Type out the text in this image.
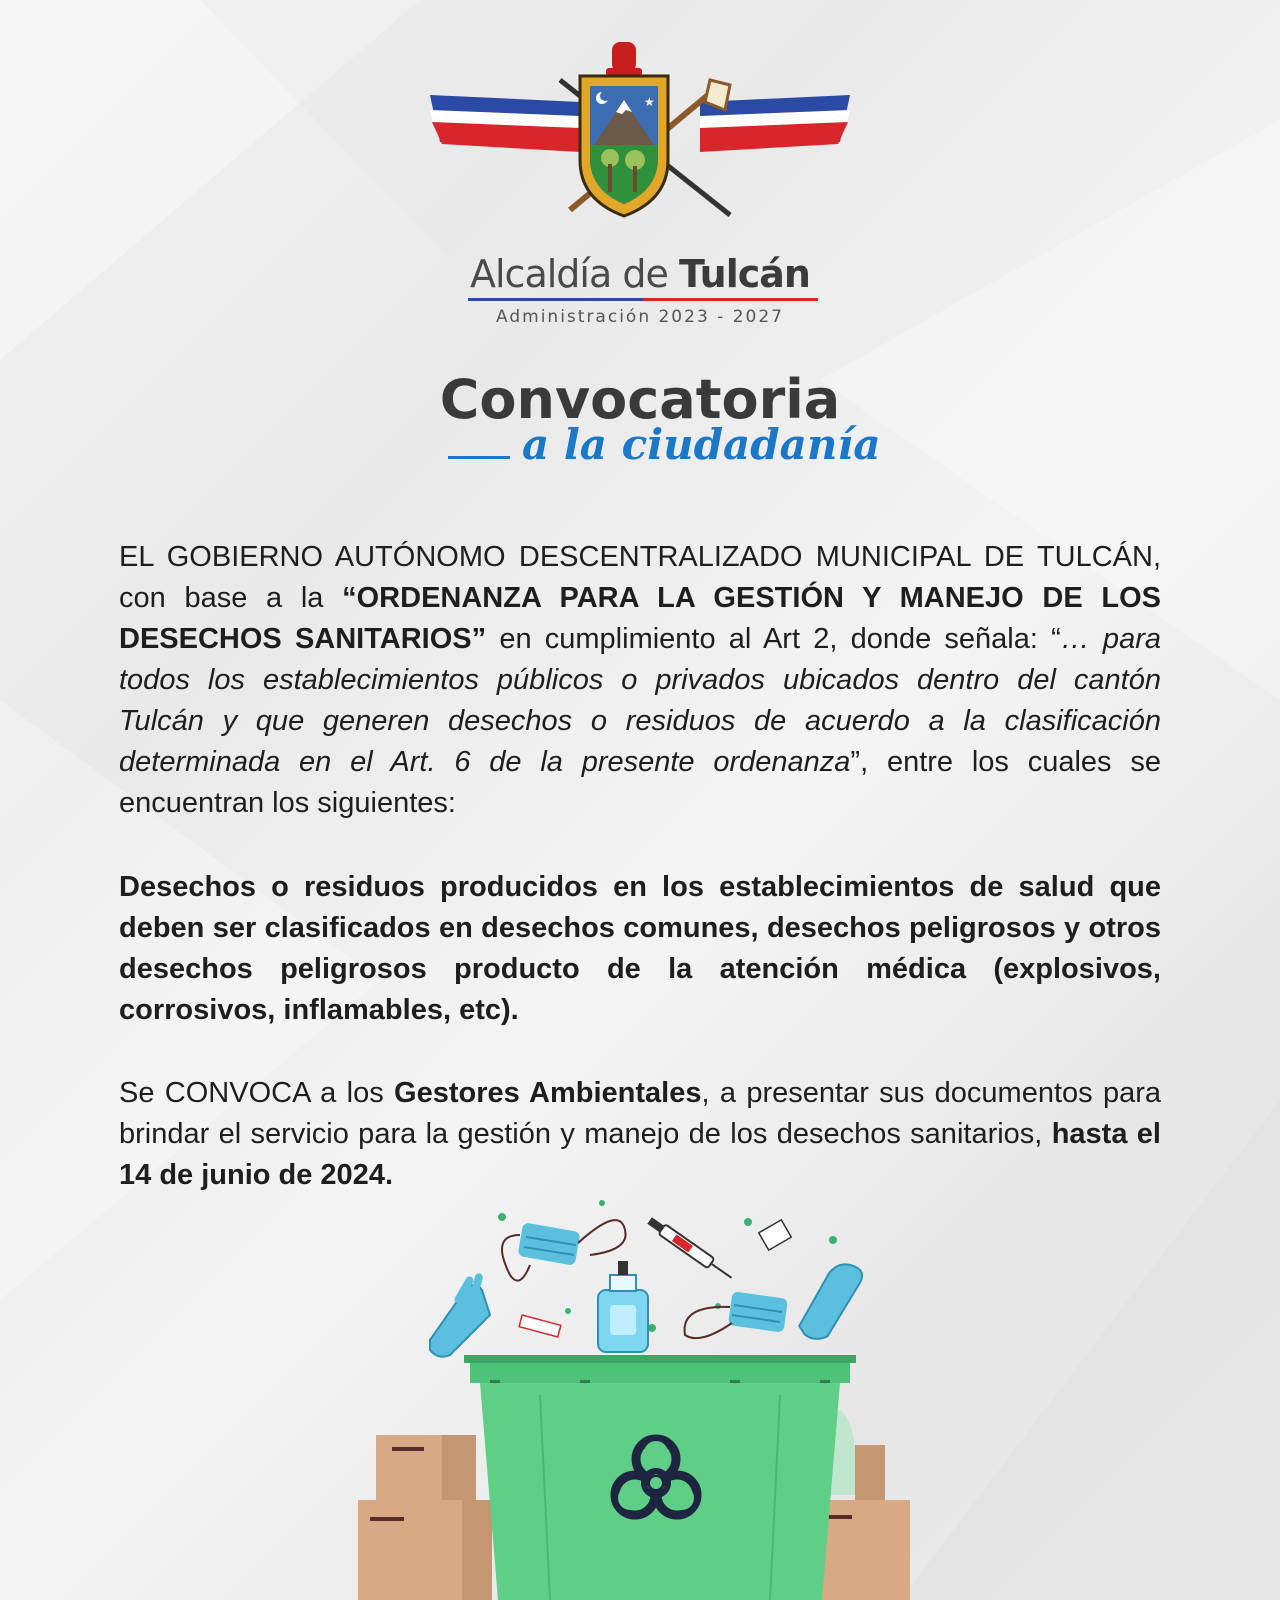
★
Alcaldía de Tulcán
Administración 2023 - 2027
Convocatoria
a la ciudadanía
EL GOBIERNO AUTÓNOMO DESCENTRALIZADO MUNICIPAL DE TULCÁN, con base a la “ORDENANZA PARA LA GESTIÓN Y MANEJO DE LOS DESECHOS SANITARIOS” en cumplimiento al Art 2, donde señala: “… para todos los establecimientos públicos o privados ubicados dentro del cantón Tulcán y que generen desechos o residuos de acuerdo a la clasificación determinada en el Art. 6 de la presente ordenanza”, entre los cuales se encuentran los siguientes:
Desechos o residuos producidos en los establecimientos de salud que deben ser clasificados en desechos comunes, desechos peligrosos y otros desechos peligrosos producto de la atención médica (explosivos, corrosivos, inflamables, etc).
Se CONVOCA a los Gestores Ambientales, a presentar sus documentos para brindar el servicio para la gestión y manejo de los desechos sanitarios, hasta el 14 de junio de 2024.
